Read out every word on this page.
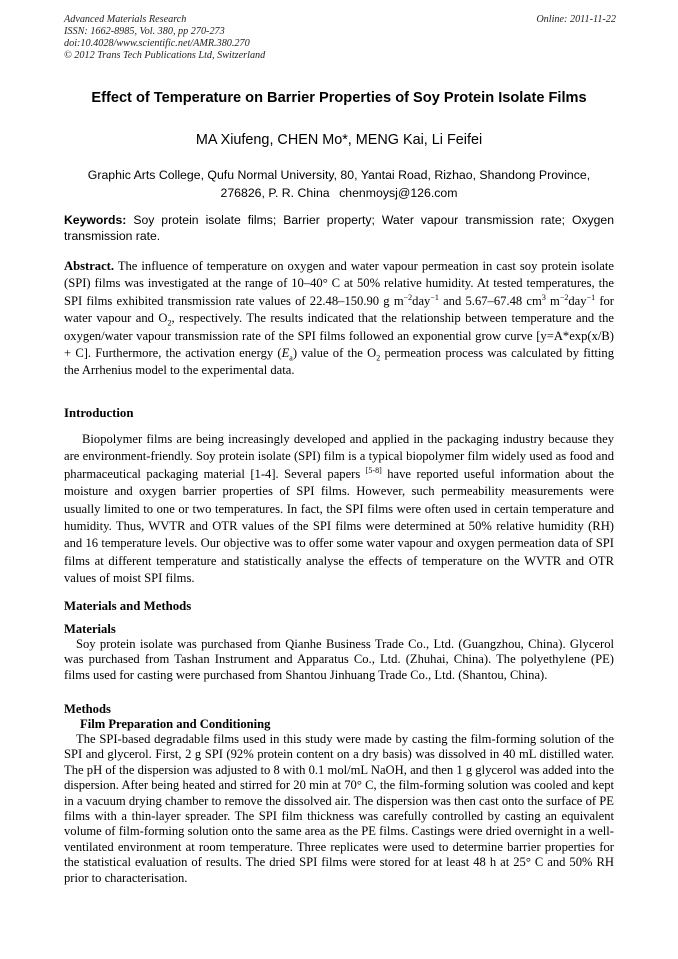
Advanced Materials Research
ISSN: 1662-8985, Vol. 380, pp 270-273
doi:10.4028/www.scientific.net/AMR.380.270
© 2012 Trans Tech Publications Ltd, Switzerland
Online: 2011-11-22
Effect of Temperature on Barrier Properties of Soy Protein Isolate Films
MA Xiufeng, CHEN Mo*, MENG Kai, Li Feifei
Graphic Arts College, Qufu Normal University, 80, Yantai Road, Rizhao, Shandong Province, 276826, P. R. China chenmoysj@126.com
Keywords: Soy protein isolate films; Barrier property; Water vapour transmission rate; Oxygen transmission rate.
Abstract. The influence of temperature on oxygen and water vapour permeation in cast soy protein isolate (SPI) films was investigated at the range of 10–40° C at 50% relative humidity. At tested temperatures, the SPI films exhibited transmission rate values of 22.48–150.90 g $m^{-2}day^{-1}$ and 5.67–67.48 $cm^3$ $m^{-2}day^{-1}$ for water vapour and $O_2$, respectively. The results indicated that the relationship between temperature and the oxygen/water vapour transmission rate of the SPI films followed an exponential grow curve [y=A*exp(x/B) + C]. Furthermore, the activation energy $(E_a)$ value of the $O_2$ permeation process was calculated by fitting the Arrhenius model to the experimental data.
Introduction
Biopolymer films are being increasingly developed and applied in the packaging industry because they are environment-friendly. Soy protein isolate (SPI) film is a typical biopolymer film widely used as food and pharmaceutical packaging material [1-4]. Several papers [5-8] have reported useful information about the moisture and oxygen barrier properties of SPI films. However, such permeability measurements were usually limited to one or two temperatures. In fact, the SPI films were often used in certain temperature and humidity. Thus, WVTR and OTR values of the SPI films were determined at 50% relative humidity (RH) and 16 temperature levels. Our objective was to offer some water vapour and oxygen permeation data of SPI films at different temperature and statistically analyse the effects of temperature on the WVTR and OTR values of moist SPI films.
Materials and Methods
Materials
Soy protein isolate was purchased from Qianhe Business Trade Co., Ltd. (Guangzhou, China). Glycerol was purchased from Tashan Instrument and Apparatus Co., Ltd. (Zhuhai, China). The polyethylene (PE) films used for casting were purchased from Shantou Jinhuang Trade Co., Ltd. (Shantou, China).
Methods
Film Preparation and Conditioning
The SPI-based degradable films used in this study were made by casting the film-forming solution of the SPI and glycerol. First, 2 g SPI (92% protein content on a dry basis) was dissolved in 40 mL distilled water. The pH of the dispersion was adjusted to 8 with 0.1 mol/mL NaOH, and then 1 g glycerol was added into the dispersion. After being heated and stirred for 20 min at 70° C, the film-forming solution was cooled and kept in a vacuum drying chamber to remove the dissolved air. The dispersion was then cast onto the surface of PE films with a thin-layer spreader. The SPI film thickness was carefully controlled by casting an equivalent volume of film-forming solution onto the same area as the PE films. Castings were dried overnight in a well-ventilated environment at room temperature. Three replicates were used to determine barrier properties for the statistical evaluation of results. The dried SPI films were stored for at least 48 h at 25° C and 50% RH prior to characterisation.
